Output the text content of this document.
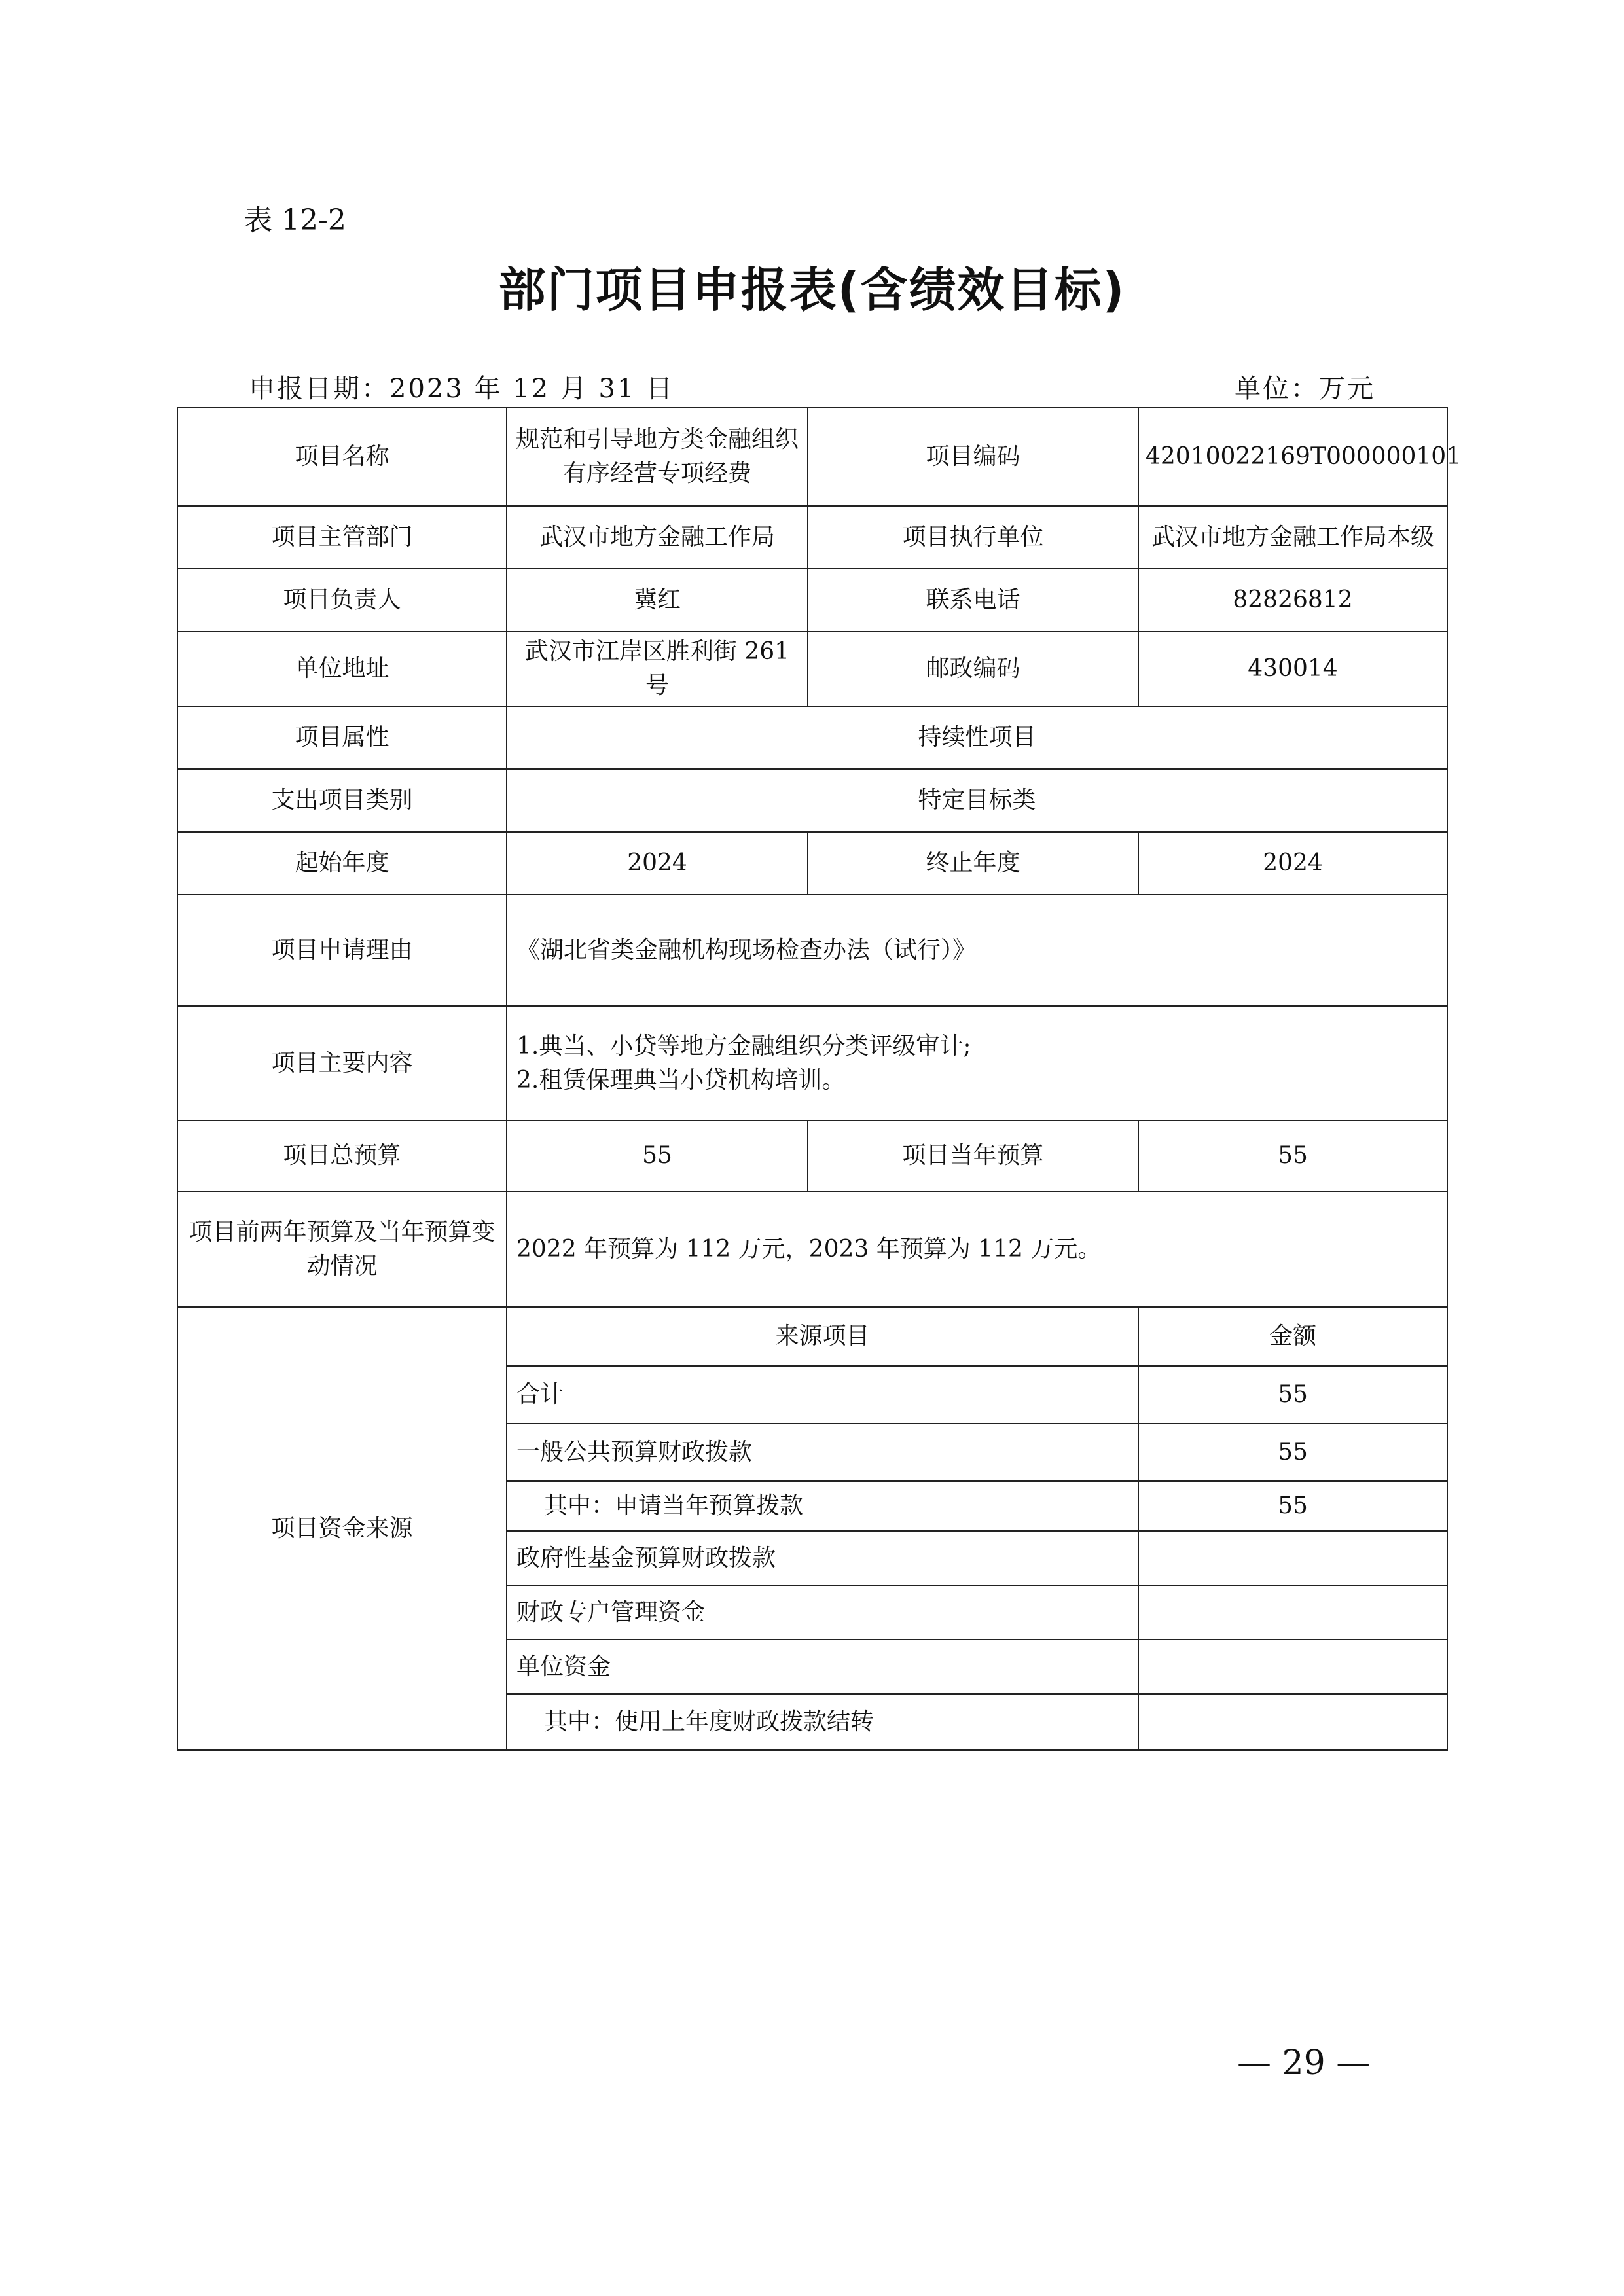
表 12-2
部门项目申报表(含绩效目标)
申报日期：2023 年 12 月 31 日	单位：万元
项目名称	规范和引导地方类金融组织有序经营专项经费	项目编码	42010022169T000000101
项目主管部门	武汉市地方金融工作局	项目执行单位	武汉市地方金融工作局本级
项目负责人	冀红	联系电话	82826812
单位地址	武汉市江岸区胜利街 261 号	邮政编码	430014
项目属性	持续性项目		
支出项目类别	特定目标类		
起始年度	2024	终止年度	2024
项目申请理由	《湖北省类金融机构现场检查办法（试行）》		
项目主要内容	1.典当、小贷等地方金融组织分类评级审计;
2.租赁保理典当小贷机构培训。		

项目总预算	55	项目当年预算	55
项目前两年预算及当年预算变动情况	2022 年预算为 112 万元，2023 年预算为 112 万元。		
项目资金来源	来源项目		金额
	合计		55
	一般公共预算财政拨款		55
	其中：申请当年预算拨款		55
	政府性基金预算财政拨款		
	财政专户管理资金		
	单位资金		
	其中：使用上年度财政拨款结转		
— 29 —
